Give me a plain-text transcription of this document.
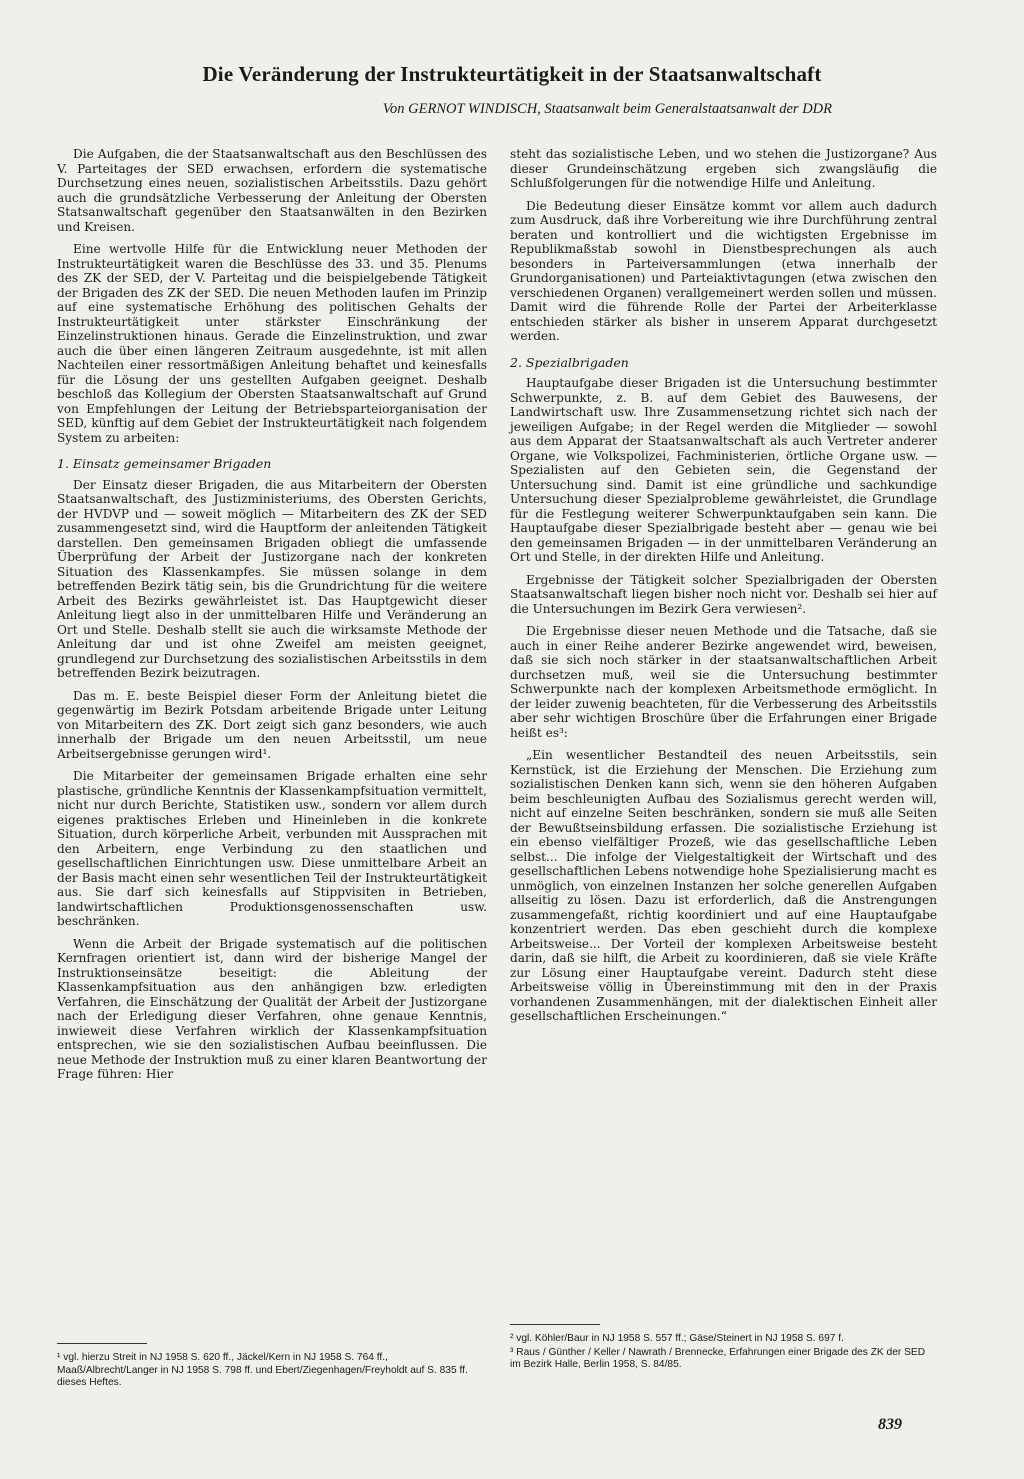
Die Veränderung der Instrukteurtätigkeit in der Staatsanwaltschaft

Von GERNOT WINDISCH, Staatsanwalt beim Generalstaatsanwalt der DDR

Die Aufgaben, die der Staatsanwaltschaft aus den Beschlüssen des V. Parteitages der SED erwachsen, erfordern die systematische Durchsetzung eines neuen, sozialistischen Arbeitsstils. Dazu gehört auch die grundsätzliche Verbesserung der Anleitung der Obersten Statsanwaltschaft gegenüber den Staatsanwälten in den Bezirken und Kreisen.

Eine wertvolle Hilfe für die Entwicklung neuer Methoden der Instrukteurtätigkeit waren die Beschlüsse des 33. und 35. Plenums des ZK der SED, der V. Parteitag und die beispielgebende Tätigkeit der Brigaden des ZK der SED. Die neuen Methoden laufen im Prinzip auf eine systematische Erhöhung des politischen Gehalts der Instrukteurtätigkeit unter stärkster Einschränkung der Einzelinstruktionen hinaus. Gerade die Einzelinstruktion, und zwar auch die über einen längeren Zeitraum ausgedehnte, ist mit allen Nachteilen einer ressortmäßigen Anleitung behaftet und keinesfalls für die Lösung der uns gestellten Aufgaben geeignet. Deshalb beschloß das Kollegium der Obersten Staatsanwaltschaft auf Grund von Empfehlungen der Leitung der Betriebsparteiorganisation der SED, künftig auf dem Gebiet der Instrukteurtätigkeit nach folgendem System zu arbeiten:

1. Einsatz gemeinsamer Brigaden

Der Einsatz dieser Brigaden, die aus Mitarbeitern der Obersten Staatsanwaltschaft, des Justizministeriums, des Obersten Gerichts, der HVDVP und — soweit möglich — Mitarbeitern des ZK der SED zusammengesetzt sind, wird die Hauptform der anleitenden Tätigkeit darstellen. Den gemeinsamen Brigaden obliegt die umfassende Überprüfung der Arbeit der Justizorgane nach der konkreten Situation des Klassenkampfes. Sie müssen solange in dem betreffenden Bezirk tätig sein, bis die Grundrichtung für die weitere Arbeit des Bezirks gewährleistet ist. Das Hauptgewicht dieser Anleitung liegt also in der unmittelbaren Hilfe und Veränderung an Ort und Stelle. Deshalb stellt sie auch die wirksamste Methode der Anleitung dar und ist ohne Zweifel am meisten geeignet, grundlegend zur Durchsetzung des sozialistischen Arbeitsstils in dem betreffenden Bezirk beizutragen.

Das m. E. beste Beispiel dieser Form der Anleitung bietet die gegenwärtig im Bezirk Potsdam arbeitende Brigade unter Leitung von Mitarbeitern des ZK. Dort zeigt sich ganz besonders, wie auch innerhalb der Brigade um den neuen Arbeitsstil, um neue Arbeitsergebnisse gerungen wird¹.

Die Mitarbeiter der gemeinsamen Brigade erhalten eine sehr plastische, gründliche Kenntnis der Klassenkampfsituation vermittelt, nicht nur durch Berichte, Statistiken usw., sondern vor allem durch eigenes praktisches Erleben und Hineinleben in die konkrete Situation, durch körperliche Arbeit, verbunden mit Aussprachen mit den Arbeitern, enge Verbindung zu den staatlichen und gesellschaftlichen Einrichtungen usw. Diese unmittelbare Arbeit an der Basis macht einen sehr wesentlichen Teil der Instrukteurtätigkeit aus. Sie darf sich keinesfalls auf Stippvisiten in Betrieben, landwirtschaftlichen Produktionsgenossenschaften usw. beschränken.

Wenn die Arbeit der Brigade systematisch auf die politischen Kernfragen orientiert ist, dann wird der bisherige Mangel der Instruktionseinsätze beseitigt: die Ableitung der Klassenkampfsituation aus den anhängigen bzw. erledigten Verfahren, die Einschätzung der Qualität der Arbeit der Justizorgane nach der Erledigung dieser Verfahren, ohne genaue Kenntnis, inwieweit diese Verfahren wirklich der Klassenkampfsituation entsprechen, wie sie den sozialistischen Aufbau beeinflussen. Die neue Methode der Instruktion muß zu einer klaren Beantwortung der Frage führen: Hier

steht das sozialistische Leben, und wo stehen die Justizorgane? Aus dieser Grundeinschätzung ergeben sich zwangsläufig die Schlußfolgerungen für die notwendige Hilfe und Anleitung.

Die Bedeutung dieser Einsätze kommt vor allem auch dadurch zum Ausdruck, daß ihre Vorbereitung wie ihre Durchführung zentral beraten und kontrolliert und die wichtigsten Ergebnisse im Republikmaßstab sowohl in Dienstbesprechungen als auch besonders in Parteiversammlungen (etwa innerhalb der Grundorganisationen) und Parteiaktivtagungen (etwa zwischen den verschiedenen Organen) verallgemeinert werden sollen und müssen. Damit wird die führende Rolle der Partei der Arbeiterklasse entschieden stärker als bisher in unserem Apparat durchgesetzt werden.

2. Spezialbrigaden

Hauptaufgabe dieser Brigaden ist die Untersuchung bestimmter Schwerpunkte, z. B. auf dem Gebiet des Bauwesens, der Landwirtschaft usw. Ihre Zusammensetzung richtet sich nach der jeweiligen Aufgabe; in der Regel werden die Mitglieder — sowohl aus dem Apparat der Staatsanwaltschaft als auch Vertreter anderer Organe, wie Volkspolizei, Fachministerien, örtliche Organe usw. — Spezialisten auf den Gebieten sein, die Gegenstand der Untersuchung sind. Damit ist eine gründliche und sachkundige Untersuchung dieser Spezialprobleme gewährleistet, die Grundlage für die Festlegung weiterer Schwerpunktaufgaben sein kann. Die Hauptaufgabe dieser Spezialbrigade besteht aber — genau wie bei den gemeinsamen Brigaden — in der unmittelbaren Veränderung an Ort und Stelle, in der direkten Hilfe und Anleitung.

Ergebnisse der Tätigkeit solcher Spezialbrigaden der Obersten Staatsanwaltschaft liegen bisher noch nicht vor. Deshalb sei hier auf die Untersuchungen im Bezirk Gera verwiesen².

Die Ergebnisse dieser neuen Methode und die Tatsache, daß sie auch in einer Reihe anderer Bezirke angewendet wird, beweisen, daß sie sich noch stärker in der staatsanwaltschaftlichen Arbeit durchsetzen muß, weil sie die Untersuchung bestimmter Schwerpunkte nach der komplexen Arbeitsmethode ermöglicht. In der leider zuwenig beachteten, für die Verbesserung des Arbeitsstils aber sehr wichtigen Broschüre über die Erfahrungen einer Brigade heißt es³:

„Ein wesentlicher Bestandteil des neuen Arbeitsstils, sein Kernstück, ist die Erziehung der Menschen. Die Erziehung zum sozialistischen Denken kann sich, wenn sie den höheren Aufgaben beim beschleunigten Aufbau des Sozialismus gerecht werden will, nicht auf einzelne Seiten beschränken, sondern sie muß alle Seiten der Bewußtseinsbildung erfassen. Die sozialistische Erziehung ist ein ebenso vielfältiger Prozeß, wie das gesellschaftliche Leben selbst... Die infolge der Vielgestaltigkeit der Wirtschaft und des gesellschaftlichen Lebens notwendige hohe Spezialisierung macht es unmöglich, von einzelnen Instanzen her solche generellen Aufgaben allseitig zu lösen. Dazu ist erforderlich, daß die Anstrengungen zusammengefaßt, richtig koordiniert und auf eine Hauptaufgabe konzentriert werden. Das eben geschieht durch die komplexe Arbeitsweise... Der Vorteil der komplexen Arbeitsweise besteht darin, daß sie hilft, die Arbeit zu koordinieren, daß sie viele Kräfte zur Lösung einer Hauptaufgabe vereint. Dadurch steht diese Arbeitsweise völlig in Übereinstimmung mit den in der Praxis vorhandenen Zusammenhängen, mit der dialektischen Einheit aller gesellschaftlichen Erscheinungen.“

¹ vgl. hierzu Streit in NJ 1958 S. 620 ff., Jäckel/Kern in NJ 1958 S. 764 ff., Maaß/Albrecht/Langer in NJ 1958 S. 798 ff. und Ebert/Ziegenhagen/Freyholdt auf S. 835 ff. dieses Heftes.

² vgl. Köhler/Baur in NJ 1958 S. 557 ff.; Gäse/Steinert in NJ 1958 S. 697 f.

³ Raus / Günther / Keller / Nawrath / Brennecke, Erfahrungen einer Brigade des ZK der SED im Bezirk Halle, Berlin 1958, S. 84/85.

839
